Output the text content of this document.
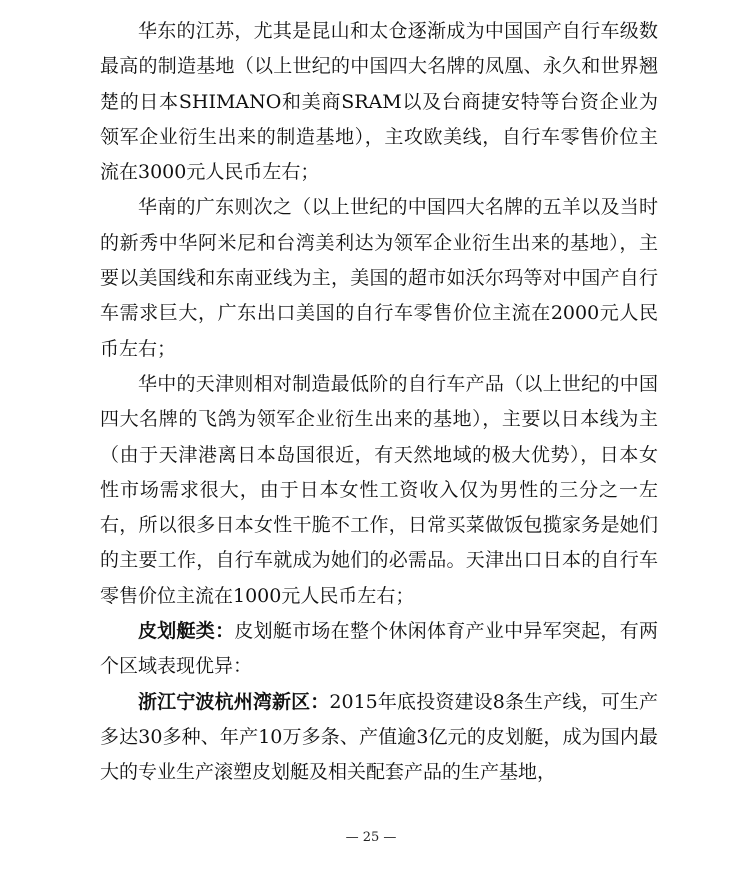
华东的江苏，尤其是昆山和太仓逐渐成为中国国产自行车级数最高的制造基地（以上世纪的中国四大名牌的凤凰、永久和世界翘楚的日本SHIMANO和美商SRAM以及台商捷安特等台资企业为领军企业衍生出来的制造基地），主攻欧美线，自行车零售价位主流在3000元人民币左右；

华南的广东则次之（以上世纪的中国四大名牌的五羊以及当时的新秀中华阿米尼和台湾美利达为领军企业衍生出来的基地），主要以美国线和东南亚线为主，美国的超市如沃尔玛等对中国产自行车需求巨大，广东出口美国的自行车零售价位主流在2000元人民币左右；

华中的天津则相对制造最低阶的自行车产品（以上世纪的中国四大名牌的飞鸽为领军企业衍生出来的基地），主要以日本线为主（由于天津港离日本岛国很近，有天然地域的极大优势），日本女性市场需求很大，由于日本女性工资收入仅为男性的三分之一左右，所以很多日本女性干脆不工作，日常买菜做饭包揽家务是她们的主要工作，自行车就成为她们的必需品。天津出口日本的自行车零售价位主流在1000元人民币左右；

皮划艇类：皮划艇市场在整个休闲体育产业中异军突起，有两个区域表现优异：

浙江宁波杭州湾新区：2015年底投资建设8条生产线，可生产多达30多种、年产10万多条、产值逾3亿元的皮划艇，成为国内最大的专业生产滚塑皮划艇及相关配套产品的生产基地，

— 25 —
